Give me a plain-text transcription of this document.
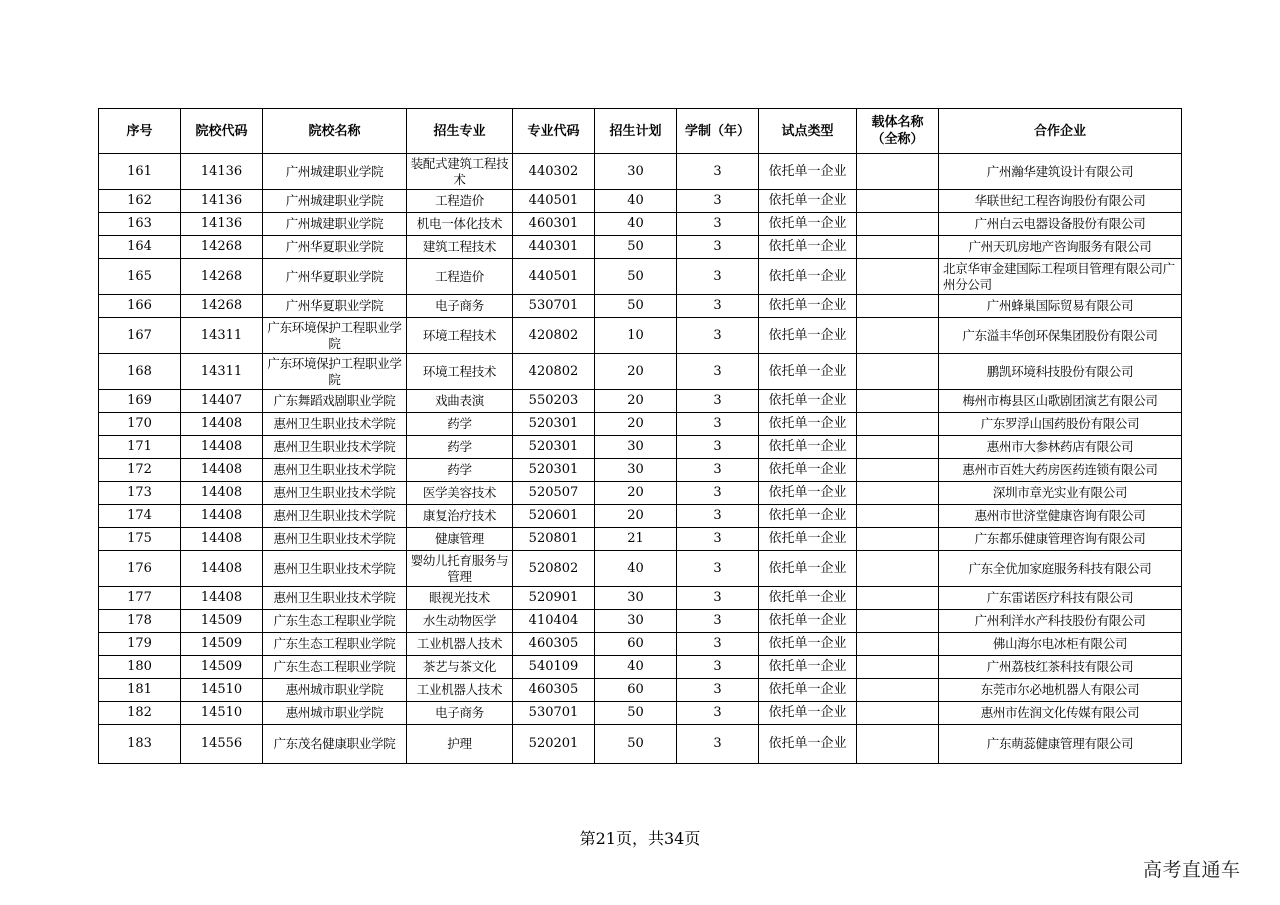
序号	院校代码	院校名称	招生专业	专业代码	招生计划	学制（年）	试点类型	载体名称（全称）	合作企业
161	14136	广州城建职业学院	装配式建筑工程技术	440302	30	3	依托单一企业		广州瀚华建筑设计有限公司
162	14136	广州城建职业学院	工程造价	440501	40	3	依托单一企业		华联世纪工程咨询股份有限公司
163	14136	广州城建职业学院	机电一体化技术	460301	40	3	依托单一企业		广州白云电器设备股份有限公司
164	14268	广州华夏职业学院	建筑工程技术	440301	50	3	依托单一企业		广州天玑房地产咨询服务有限公司
165	14268	广州华夏职业学院	工程造价	440501	50	3	依托单一企业		北京华审金建国际工程项目管理有限公司广州分公司
166	14268	广州华夏职业学院	电子商务	530701	50	3	依托单一企业		广州蜂巢国际贸易有限公司
167	14311	广东环境保护工程职业学院	环境工程技术	420802	10	3	依托单一企业		广东溢丰华创环保集团股份有限公司
168	14311	广东环境保护工程职业学院	环境工程技术	420802	20	3	依托单一企业		鹏凯环境科技股份有限公司
169	14407	广东舞蹈戏剧职业学院	戏曲表演	550203	20	3	依托单一企业		梅州市梅县区山歌剧团演艺有限公司
170	14408	惠州卫生职业技术学院	药学	520301	20	3	依托单一企业		广东罗浮山国药股份有限公司
171	14408	惠州卫生职业技术学院	药学	520301	30	3	依托单一企业		惠州市大参林药店有限公司
172	14408	惠州卫生职业技术学院	药学	520301	30	3	依托单一企业		惠州市百姓大药房医药连锁有限公司
173	14408	惠州卫生职业技术学院	医学美容技术	520507	20	3	依托单一企业		深圳市章光实业有限公司
174	14408	惠州卫生职业技术学院	康复治疗技术	520601	20	3	依托单一企业		惠州市世济堂健康咨询有限公司
175	14408	惠州卫生职业技术学院	健康管理	520801	21	3	依托单一企业		广东都乐健康管理咨询有限公司
176	14408	惠州卫生职业技术学院	婴幼儿托育服务与管理	520802	40	3	依托单一企业		广东全优加家庭服务科技有限公司
177	14408	惠州卫生职业技术学院	眼视光技术	520901	30	3	依托单一企业		广东雷诺医疗科技有限公司
178	14509	广东生态工程职业学院	水生动物医学	410404	30	3	依托单一企业		广州利洋水产科技股份有限公司
179	14509	广东生态工程职业学院	工业机器人技术	460305	60	3	依托单一企业		佛山海尔电冰柜有限公司
180	14509	广东生态工程职业学院	茶艺与茶文化	540109	40	3	依托单一企业		广州荔枝红茶科技有限公司
181	14510	惠州城市职业学院	工业机器人技术	460305	60	3	依托单一企业		东莞市尔必地机器人有限公司
182	14510	惠州城市职业学院	电子商务	530701	50	3	依托单一企业		惠州市佐润文化传媒有限公司
183	14556	广东茂名健康职业学院	护理	520201	50	3	依托单一企业		广东萌蕊健康管理有限公司
第21页，共34页
高考直通车
